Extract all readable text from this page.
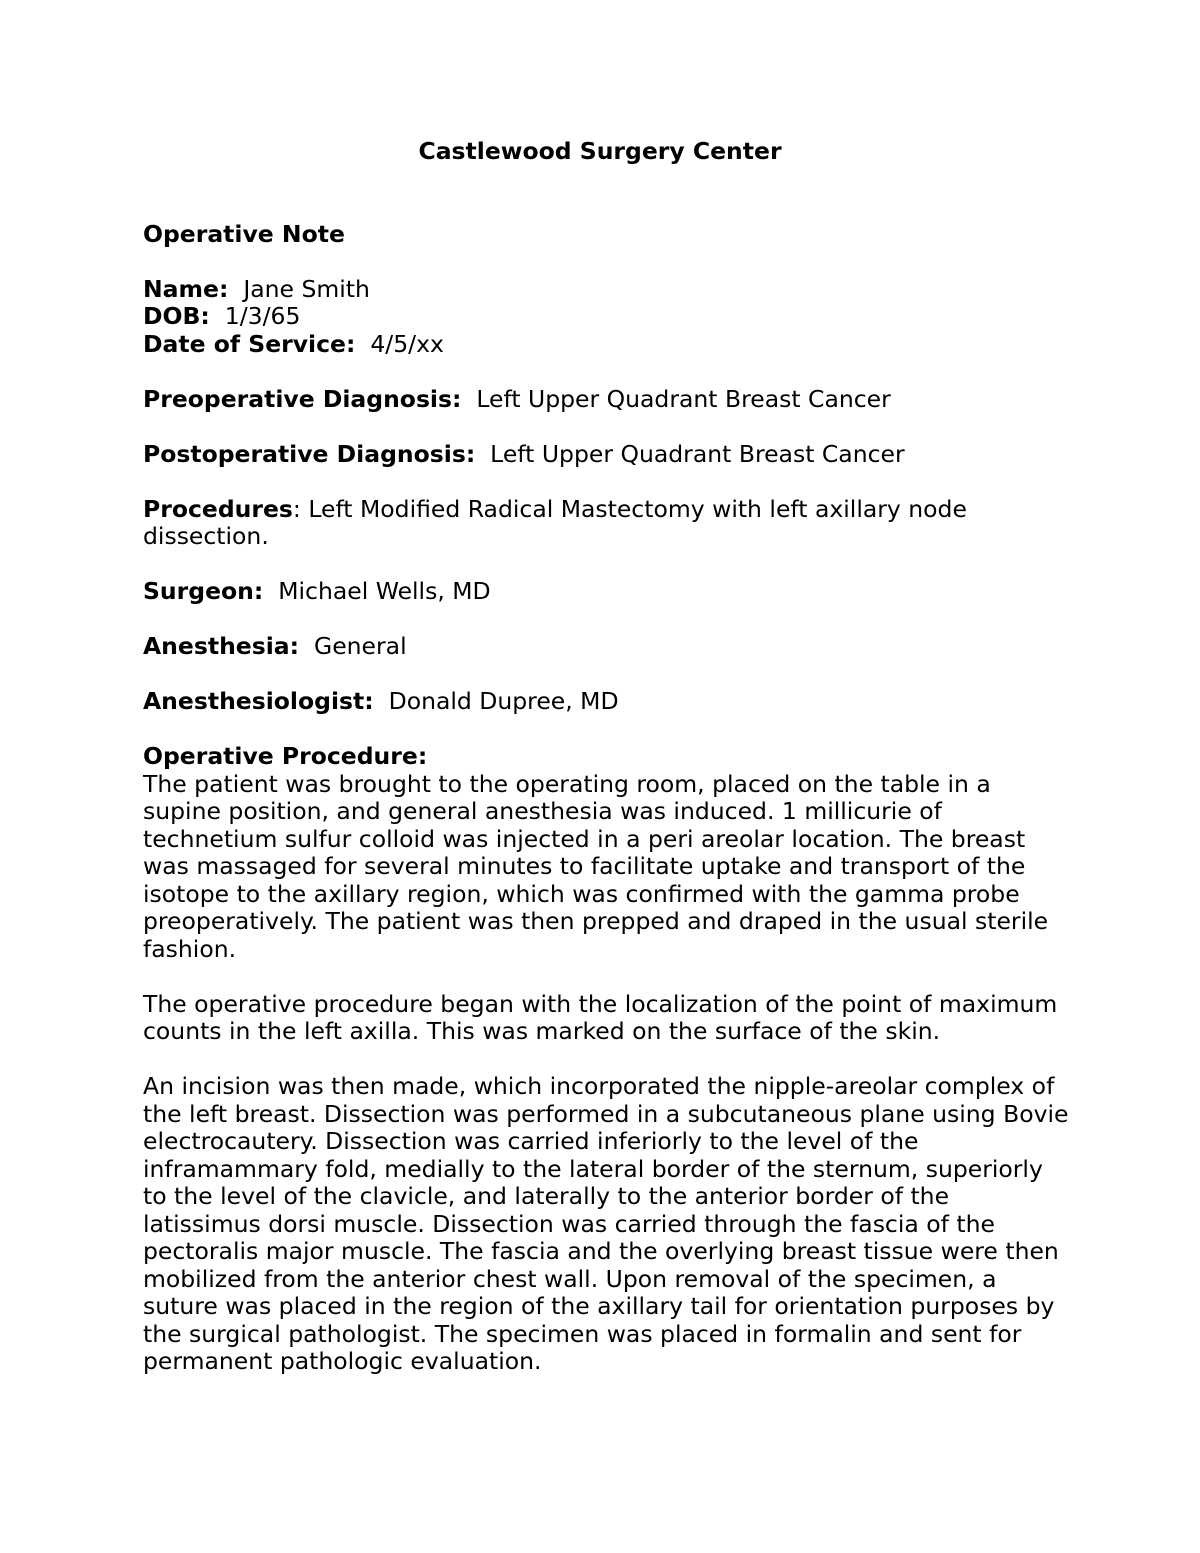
Castlewood Surgery Center
Operative Note
Name: Jane Smith
DOB: 1/3/65
Date of Service: 4/5/xx
Preoperative Diagnosis: Left Upper Quadrant Breast Cancer
Postoperative Diagnosis: Left Upper Quadrant Breast Cancer

Procedures: Left Modified Radical Mastectomy with left axillary node dissection.

Surgeon: Michael Wells, MD
Anesthesia: General
Anesthesiologist: Donald Dupree, MD
Operative Procedure:

The patient was brought to the operating room, placed on the table in a supine position, and general anesthesia was induced. 1 millicurie of technetium sulfur colloid was injected in a peri areolar location. The breast was massaged for several minutes to facilitate uptake and transport of the isotope to the axillary region, which was confirmed with the gamma probe preoperatively. The patient was then prepped and draped in the usual sterile fashion.

The operative procedure began with the localization of the point of maximum counts in the left axilla. This was marked on the surface of the skin.

An incision was then made, which incorporated the nipple-areolar complex of the left breast. Dissection was performed in a subcutaneous plane using Bovie electrocautery. Dissection was carried inferiorly to the level of the inframammary fold, medially to the lateral border of the sternum, superiorly to the level of the clavicle, and laterally to the anterior border of the latissimus dorsi muscle. Dissection was carried through the fascia of the pectoralis major muscle. The fascia and the overlying breast tissue were then mobilized from the anterior chest wall. Upon removal of the specimen, a suture was placed in the region of the axillary tail for orientation purposes by the surgical pathologist. The specimen was placed in formalin and sent for permanent pathologic evaluation.
